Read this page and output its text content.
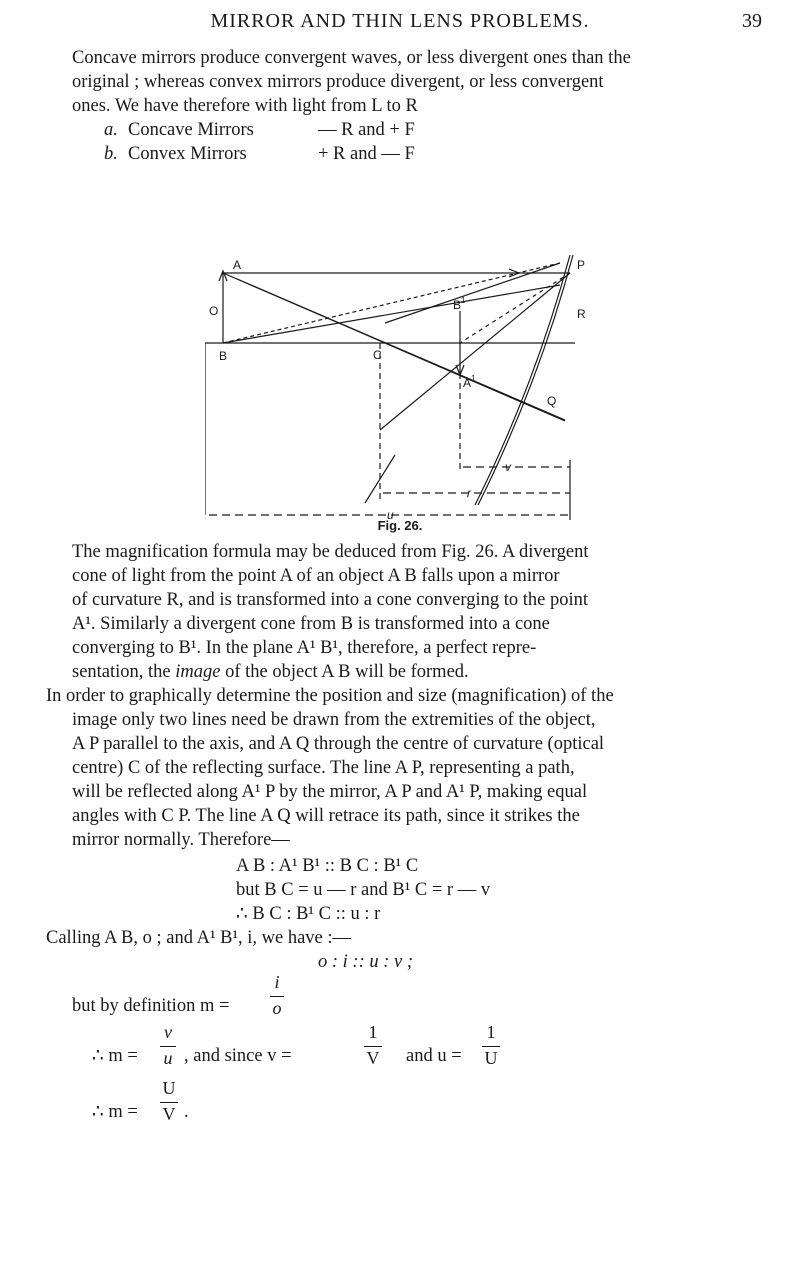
MIRROR AND THIN LENS PROBLEMS.	39
Concave mirrors produce convergent waves, or less divergent ones than the
original ; whereas convex mirrors produce divergent, or less convergent
ones. We have therefore with light from L to R
a. Concave Mirrors	— R and + F
b. Convex Mirrors	+ R and — F
A
O
B	C
B 1
A 1
P
R
Q
v
r
u
Fig. 26.
The magnification formula may be deduced from Fig. 26. A divergent
cone of light from the point A of an object A B falls upon a mirror
of curvature R, and is transformed into a cone converging to the point
A¹. Similarly a divergent cone from B is transformed into a cone
converging to B¹. In the plane A¹ B¹, therefore, a perfect repre-
sentation, the image of the object A B will be formed.
In order to graphically determine the position and size (magnification) of the
image only two lines need be drawn from the extremities of the object,
A P parallel to the axis, and A Q through the centre of curvature (optical
centre) C of the reflecting surface. The line A P, representing a path,
will be reflected along A¹ P by the mirror, A P and A¹ P, making equal
angles with C P. The line A Q will retrace its path, since it strikes the
mirror normally. Therefore—
A B : A¹ B¹ :: B C : B¹ C
but B C = u — r and B¹ C = r — v
∴ B C : B¹ C :: u : r
Calling A B, o ; and A¹ B¹, i, we have :—
o : i :: u : v ;
but by definition m =
i
o
∴ m =
v
u , and since v =
1
V and u =
1
U
∴ m =
U
V .
